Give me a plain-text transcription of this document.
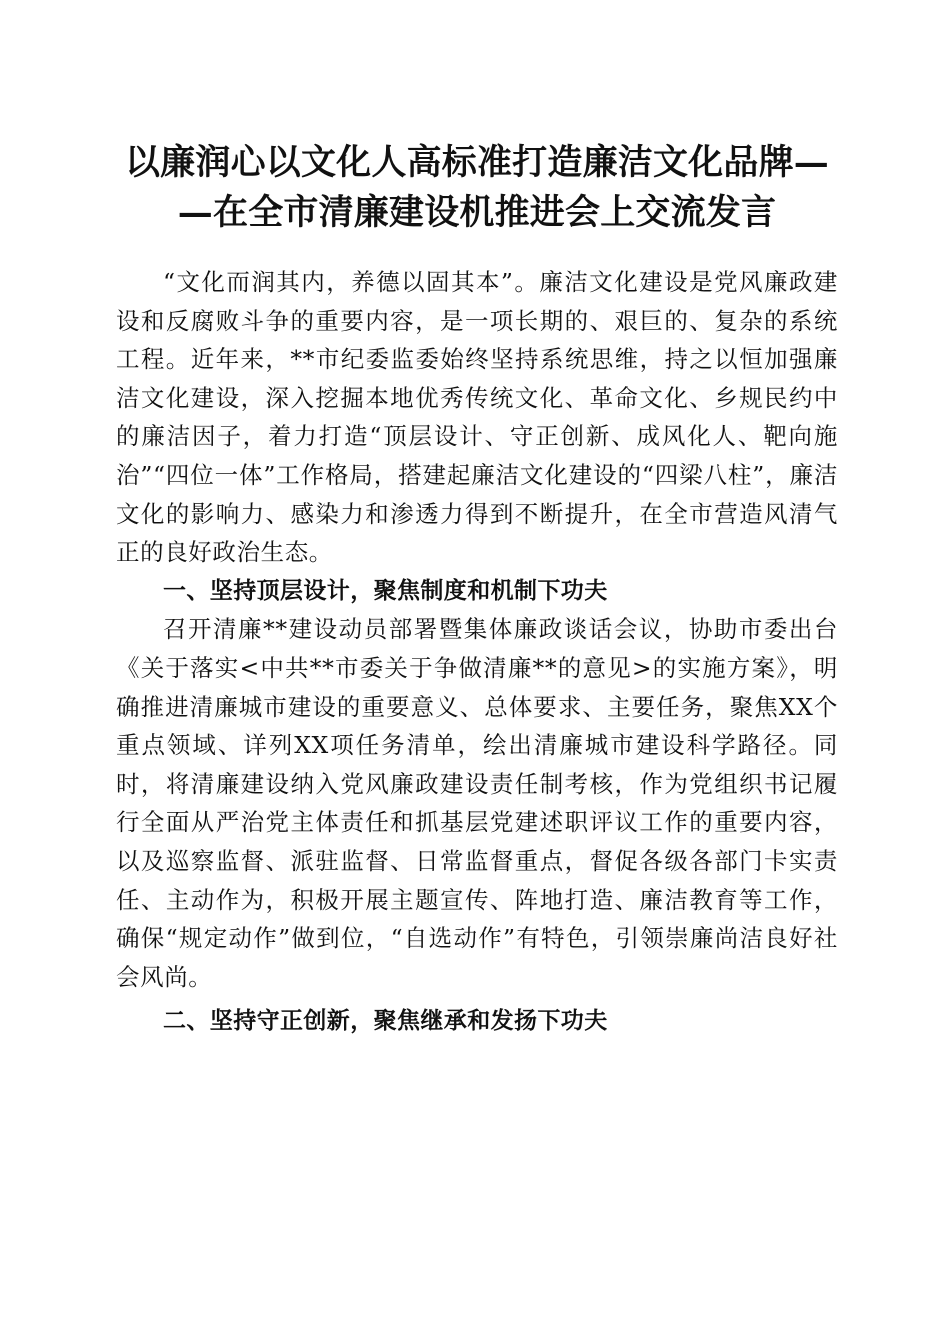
以廉润心以文化人高标准打造廉洁文化品牌—
—在全市清廉建设机推进会上交流发言

“文化而润其内，养德以固其本”。廉洁文化建设是党风廉政建设和反腐败斗争的重要内容，是一项长期的、艰巨的、复杂的系统工程。近年来，**市纪委监委始终坚持系统思维，持之以恒加强廉洁文化建设，深入挖掘本地优秀传统文化、革命文化、乡规民约中的廉洁因子，着力打造“顶层设计、守正创新、成风化人、靶向施治”“四位一体”工作格局，搭建起廉洁文化建设的“四梁八柱”，廉洁文化的影响力、感染力和渗透力得到不断提升，在全市营造风清气正的良好政治生态。

一、坚持顶层设计，聚焦制度和机制下功夫

召开清廉**建设动员部署暨集体廉政谈话会议，协助市委出台《关于落实<中共**市委关于争做清廉**的意见>的实施方案》，明确推进清廉城市建设的重要意义、总体要求、主要任务，聚焦XX个重点领域、详列XX项任务清单，绘出清廉城市建设科学路径。同时，将清廉建设纳入党风廉政建设责任制考核，作为党组织书记履行全面从严治党主体责任和抓基层党建述职评议工作的重要内容，以及巡察监督、派驻监督、日常监督重点，督促各级各部门卡实责任、主动作为，积极开展主题宣传、阵地打造、廉洁教育等工作，确保“规定动作”做到位，“自选动作”有特色，引领崇廉尚洁良好社会风尚。

二、坚持守正创新，聚焦继承和发扬下功夫
